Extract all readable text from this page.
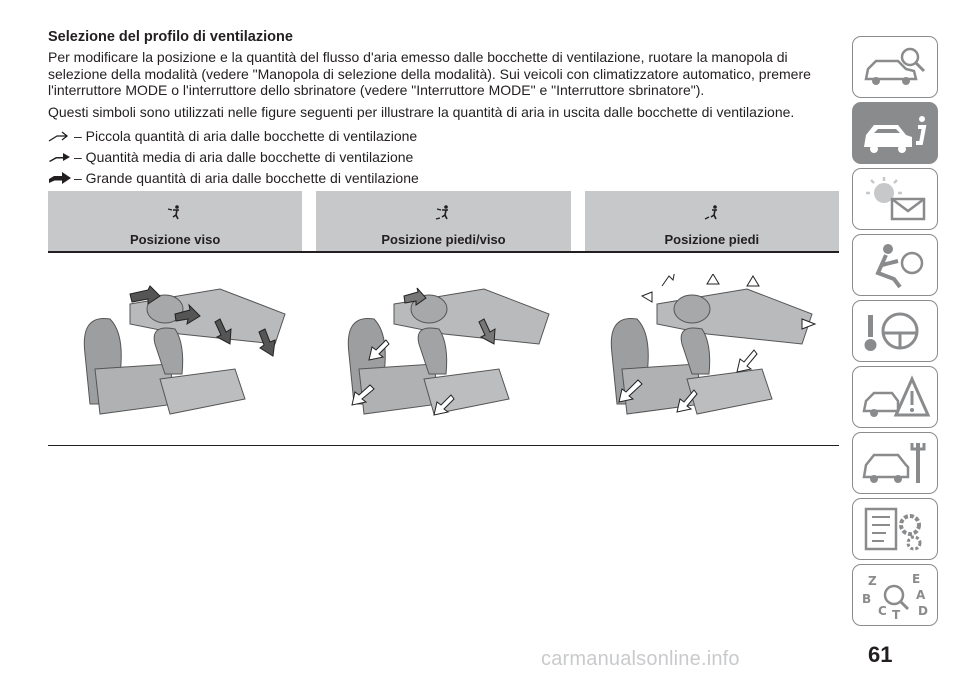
Selezione del profilo di ventilazione

Per modificare la posizione e la quantità del flusso d'aria emesso dalle bocchette di ventilazione, ruotare la manopola di selezione della modalità (vedere "Manopola di selezione della modalità). Sui veicoli con climatizzatore automatico, premere l'interruttore MODE o l'interruttore dello sbrinatore (vedere "Interruttore MODE" e "Interruttore sbrinatore").

Questi simboli sono utilizzati nelle figure seguenti per illustrare la quantità di aria in uscita dalle bocchette di ventilazione.

– Piccola quantità di aria dalle bocchette di ventilazione
– Quantità media di aria dalle bocchette di ventilazione
– Grande quantità di aria dalle bocchette di ventilazione
Posizione viso	Posizione piedi/viso	Posizione piedi
Z	E
B	A
C T D
61
carmanualsonline.info
